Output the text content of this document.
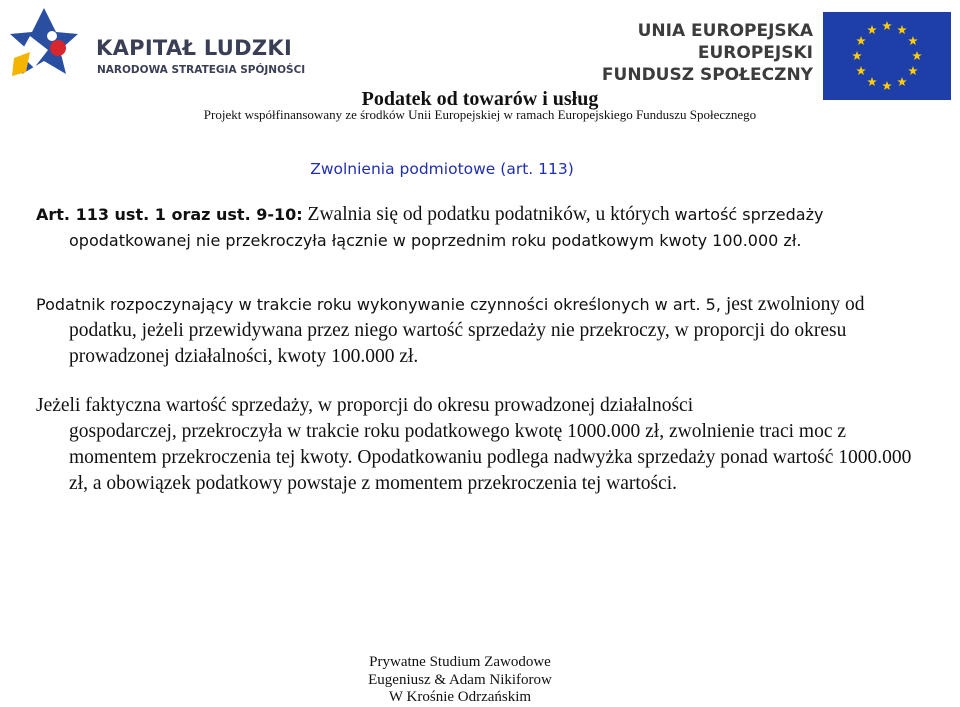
KAPITAŁ LUDZKI
NARODOWA STRATEGIA SPÓJNOŚCI
UNIA EUROPEJSKA
EUROPEJSKI
FUNDUSZ SPOŁECZNY
Podatek od towarów i usług
Projekt współfinansowany ze środków Unii Europejskiej w ramach Europejskiego Funduszu Społecznego
Zwolnienia podmiotowe (art. 113)
Art. 113 ust. 1 oraz ust. 9-10: Zwalnia się od podatku podatników, u których wartość sprzedaży
opodatkowanej nie przekroczyła łącznie w poprzednim roku podatkowym kwoty 100.000 zł.
Podatnik rozpoczynający w trakcie roku wykonywanie czynności określonych w art. 5, jest zwolniony od podatku, jeżeli przewidywana przez niego wartość sprzedaży nie przekroczy, w proporcji do okresu prowadzonej działalności, kwoty 100.000 zł.
Jeżeli faktyczna wartość sprzedaży, w proporcji do okresu prowadzonej działalności
gospodarczej, przekroczyła w trakcie roku podatkowego kwotę 1000.000 zł, zwolnienie traci moc z momentem przekroczenia tej kwoty. Opodatkowaniu podlega nadwyżka sprzedaży ponad wartość 1000.000 zł, a obowiązek podatkowy powstaje z momentem przekroczenia tej wartości.
Prywatne Studium Zawodowe
Eugeniusz & Adam Nikiforow
W Krośnie Odrzańskim
